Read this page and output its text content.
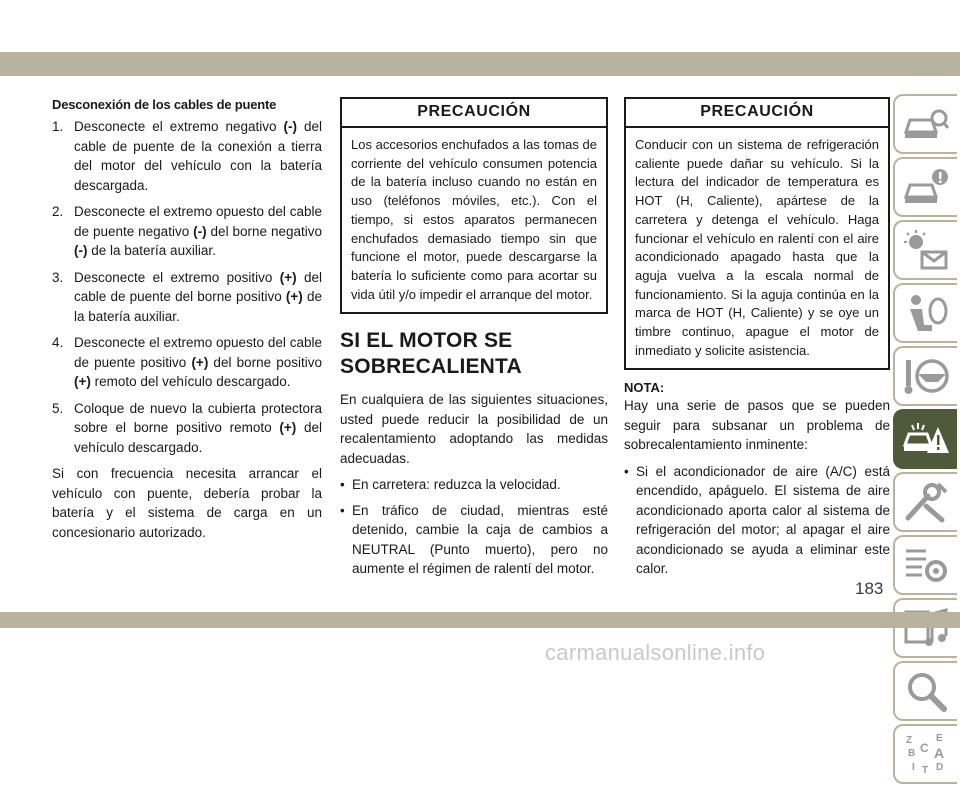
Desconexión de los cables de puente
1. Desconecte el extremo negativo (-) del cable de puente de la conexión a tierra del motor del vehículo con la batería descargada.
2. Desconecte el extremo opuesto del cable de puente negativo (-) del borne negativo (-) de la batería auxiliar.
3. Desconecte el extremo positivo (+) del cable de puente del borne positivo (+) de la batería auxiliar.
4. Desconecte el extremo opuesto del cable de puente positivo (+) del borne positivo (+) remoto del vehículo descargado.
5. Coloque de nuevo la cubierta protectora sobre el borne positivo remoto (+) del vehículo descargado.

Si con frecuencia necesita arrancar el vehículo con puente, debería probar la batería y el sistema de carga en un concesionario autorizado.

PRECAUCIÓN
Los accesorios enchufados a las tomas de corriente del vehículo consumen potencia de la batería incluso cuando no están en uso (teléfonos móviles, etc.). Con el tiempo, si estos aparatos permanecen enchufados demasiado tiempo sin que funcione el motor, puede descargarse la batería lo suficiente como para acortar su vida útil y/o impedir el arranque del motor.
SI EL MOTOR SE
SOBRECALIENTA

En cualquiera de las siguientes situaciones, usted puede reducir la posibilidad de un recalentamiento adoptando las medidas adecuadas.

• En carretera: reduzca la velocidad.
• En tráfico de ciudad, mientras esté detenido, cambie la caja de cambios a NEUTRAL (Punto muerto), pero no aumente el régimen de ralentí del motor.
PRECAUCIÓN
Conducir con un sistema de refrigeración caliente puede dañar su vehículo. Si la lectura del indicador de temperatura es HOT (H, Caliente), apártese de la carretera y detenga el vehículo. Haga funcionar el vehículo en ralentí con el aire acondicionado apagado hasta que la aguja vuelva a la escala normal de funcionamiento. Si la aguja continúa en la marca de HOT (H, Caliente) y se oye un timbre continuo, apague el motor de inmediato y solicite asistencia.
NOTA:

Hay una serie de pasos que se pueden seguir para subsanar un problema de sobrecalentamiento inminente:

• Si el acondicionador de aire (A/C) está encendido, apáguelo. El sistema de aire acondicionado aporta calor al sistema de refrigeración del motor; al apagar el aire acondicionado se ayuda a eliminar este calor.
Z E
B A
C
D
I T
183
carmanualsonline.info
